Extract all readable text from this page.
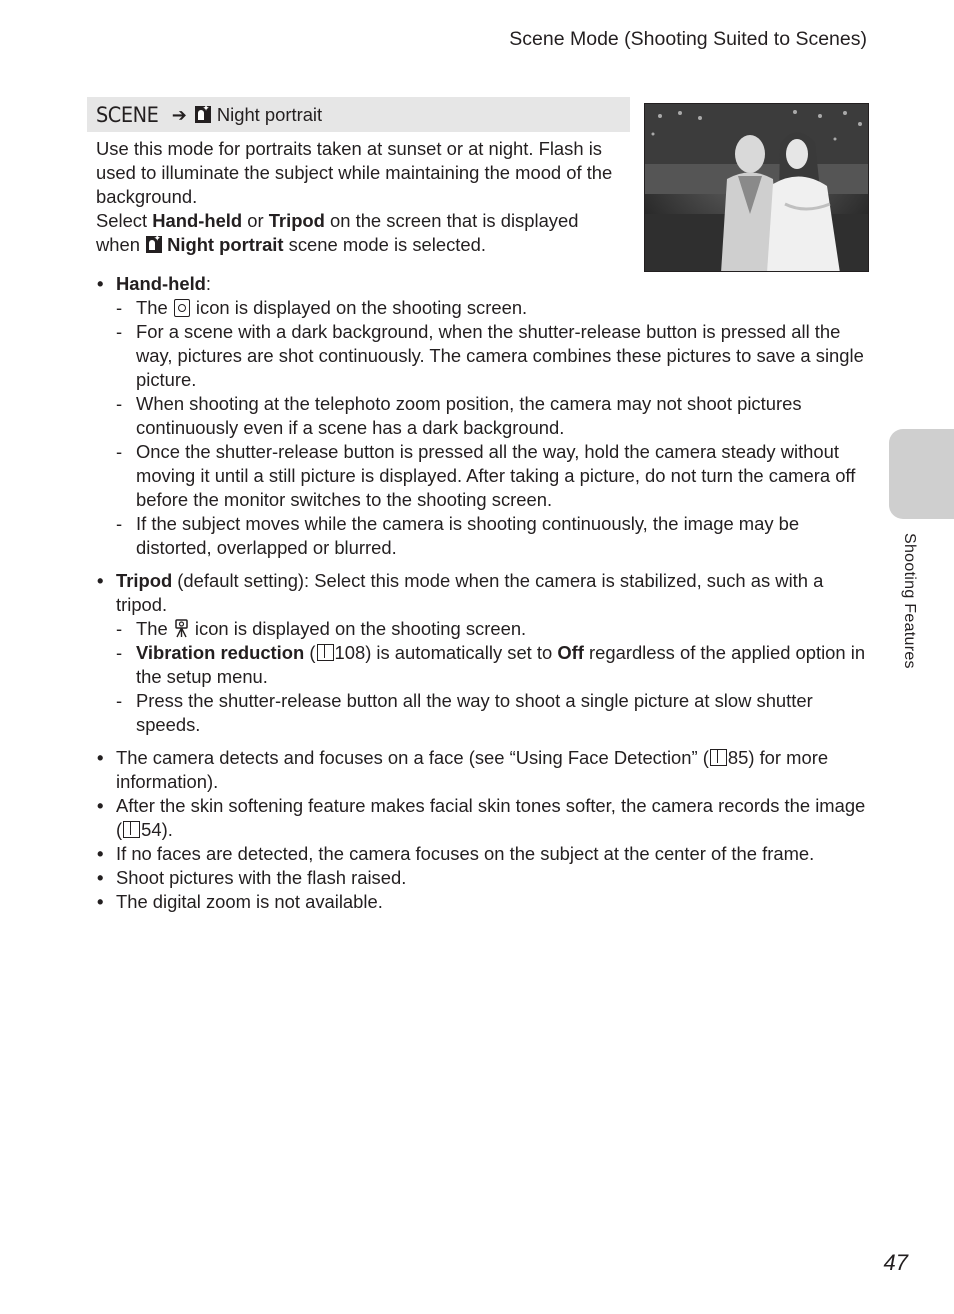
Scene Mode (Shooting Suited to Scenes)
SCENE ➔ ✦ Night portrait

Use this mode for portraits taken at sunset or at night. Flash is used to illuminate the subject while maintaining the mood of the background.

Select Hand-held or Tripod on the screen that is displayed when ✦ Night portrait scene mode is selected.

• Hand-held:
- The  icon is displayed on the shooting screen.
- For a scene with a dark background, when the shutter-release button is pressed all the way, pictures are shot continuously. The camera combines these pictures to save a single picture.
- When shooting at the telephoto zoom position, the camera may not shoot pictures continuously even if a scene has a dark background.
- Once the shutter-release button is pressed all the way, hold the camera steady without moving it until a still picture is displayed. After taking a picture, do not turn the camera off before the monitor switches to the shooting screen.
- If the subject moves while the camera is shooting continuously, the image may be distorted, overlapped or blurred.
• Tripod (default setting): Select this mode when the camera is stabilized, such as with a tripod.
- The  icon is displayed on the shooting screen.
- Vibration reduction ( 108) is automatically set to Off regardless of the applied option in the setup menu.
- Press the shutter-release button all the way to shoot a single picture at slow shutter speeds.
• The camera detects and focuses on a face (see “Using Face Detection” ( 85) for more information).
• After the skin softening feature makes facial skin tones softer, the camera records the image ( 54).
• If no faces are detected, the camera focuses on the subject at the center of the frame.
• Shoot pictures with the flash raised.
• The digital zoom is not available.
Shooting Features
47
